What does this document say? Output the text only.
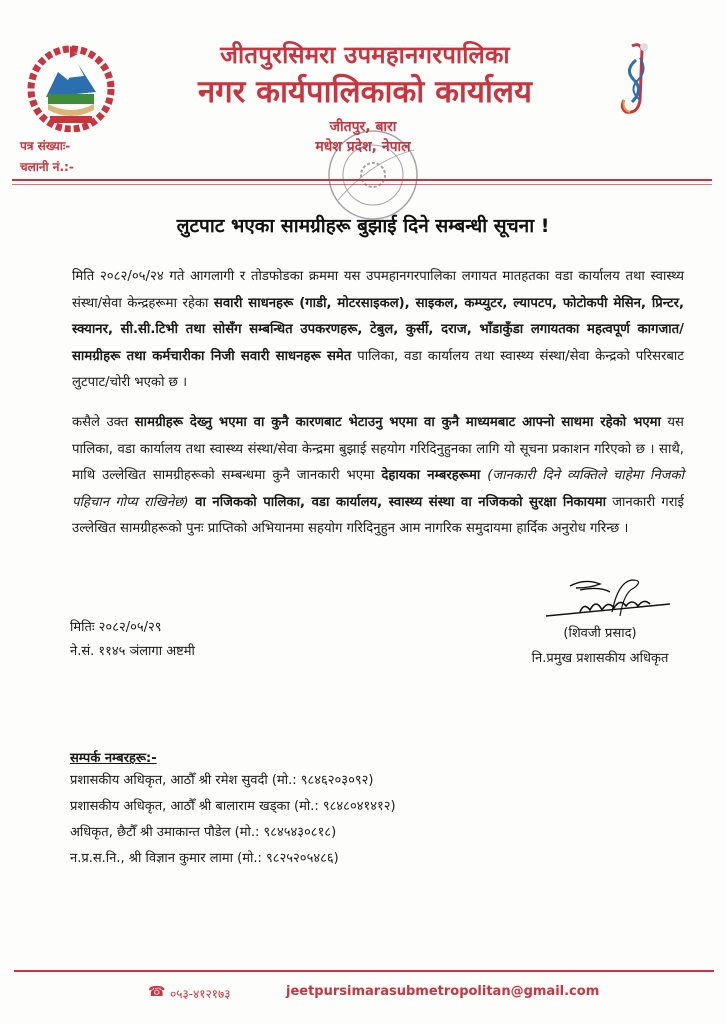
जीतपुरसिमरा उपमहानगरपालिका
नगर कार्यपालिकाको कार्यालय
जीतपुर, बारा
मधेश प्रदेश, नेपाल
पत्र संख्याः-
चलानी नं.:-
लुटपाट भएका सामग्रीहरू बुझाई दिने सम्बन्धी सूचना !
मिति २०८२/०५/२४ गते आगलागी र तोडफोडका क्रममा यस उपमहानगरपालिका लगायत मातहतका वडा कार्यालय तथा स्वास्थ्य संस्था/सेवा केन्द्रहरूमा रहेका सवारी साधनहरू (गाडी, मोटरसाइकल), साइकल, कम्प्युटर, ल्यापटप, फोटोकपी मेसिन, प्रिन्टर, स्क्यानर, सी.सी.टिभी तथा सोसँग सम्बन्धित उपकरणहरू, टेबुल, कुर्सी, दराज, भाँडाकुँडा लगायतका महत्वपूर्ण कागजात/सामग्रीहरू तथा कर्मचारीका निजी सवारी साधनहरू समेत पालिका, वडा कार्यालय तथा स्वास्थ्य संस्था/सेवा केन्द्रको परिसरबाट लुटपाट/चोरी भएको छ ।
कसैले उक्त सामग्रीहरू देख्नु भएमा वा कुनै कारणबाट भेटाउनु भएमा वा कुनै माध्यमबाट आफ्नो साथमा रहेको भएमा यस पालिका, वडा कार्यालय तथा स्वास्थ्य संस्था/सेवा केन्द्रमा बुझाई सहयोग गरिदिनुहुनका लागि यो सूचना प्रकाशन गरिएको छ । साथै, माथि उल्लेखित सामग्रीहरूको सम्बन्धमा कुनै जानकारी भएमा देहायका नम्बरहरूमा (जानकारी दिने व्यक्तिले चाहेमा निजको पहिचान गोप्य राखिनेछ) वा नजिकको पालिका, वडा कार्यालय, स्वास्थ्य संस्था वा नजिकको सुरक्षा निकायमा जानकारी गराई उल्लेखित सामग्रीहरूको पुनः प्राप्तिको अभियानमा सहयोग गरिदिनुहुन आम नागरिक समुदायमा हार्दिक अनुरोध गरिन्छ ।
मितिः २०८२/०५/२९
ने.सं. ११४५ ञंलागा अष्टमी
(शिवजी प्रसाद)
नि.प्रमुख प्रशासकीय अधिकृत
सम्पर्क नम्बरहरू:-
प्रशासकीय अधिकृत, आठौँ श्री रमेश सुवदी (मो.: ९८४६२०३०९२)
प्रशासकीय अधिकृत, आठौँ श्री बालाराम खड्का (मो.: ९८४८०४१४१२)
अधिकृत, छैटौँ श्री उमाकान्त पौडेल (मो.: ९८४५४३०८१८)
न.प्र.स.नि., श्री विज्ञान कुमार लामा (मो.: ९८२५२०५४८६)
☎ ०५३-४१२१७३	jeetpursimarasubmetropolitan@gmail.com
